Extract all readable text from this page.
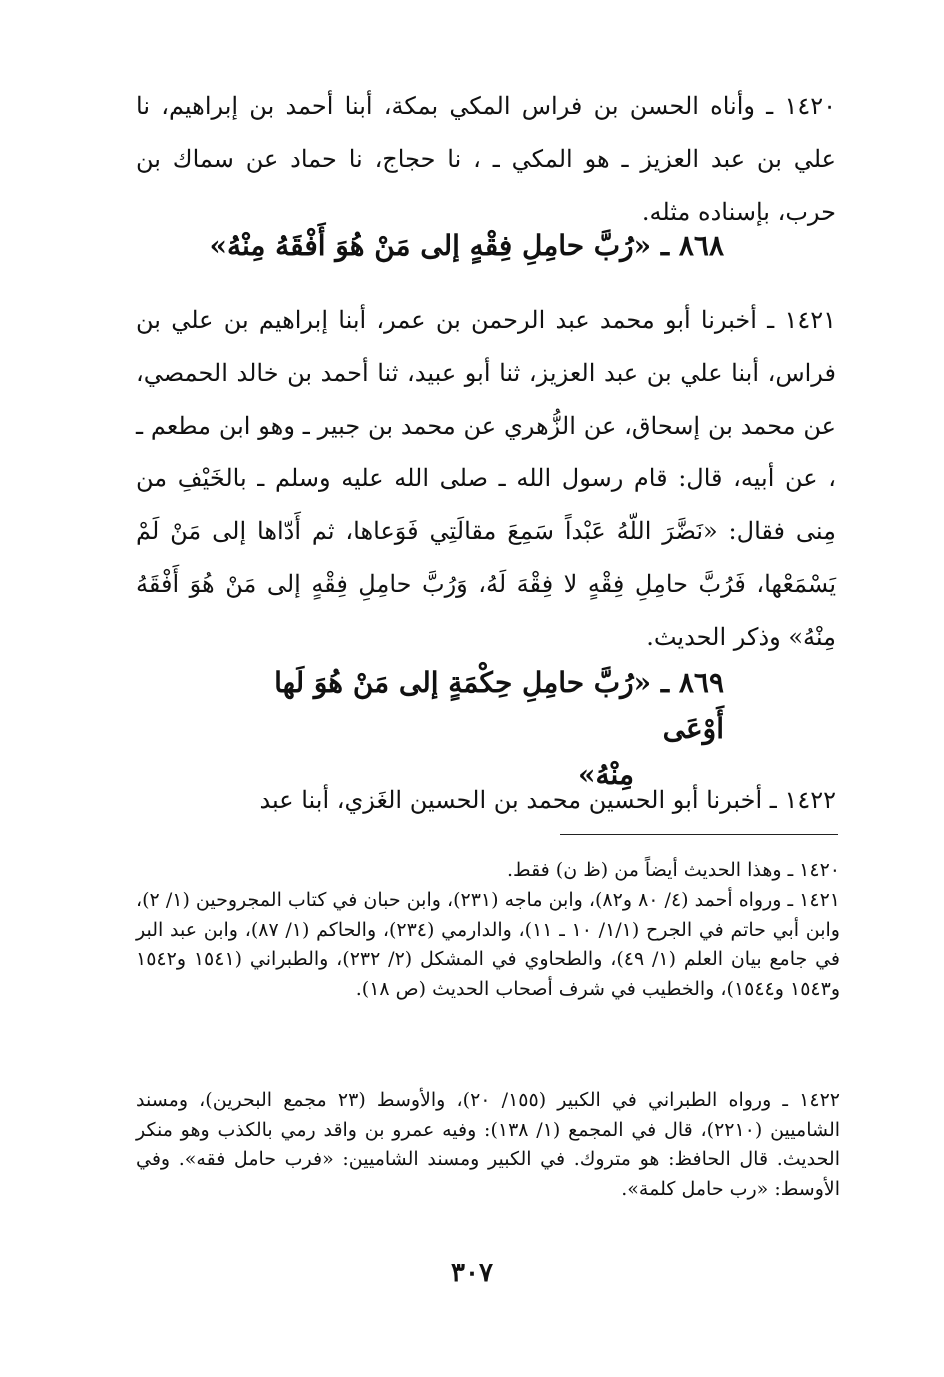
١٤٢٠ ـ وأناه الحسن بن فراس المكي بمكة، أبنا أحمد بن إبراهيم، نا علي بن عبد العزيز ـ هو المكي ـ ، نا حجاج، نا حماد عن سماك بن حرب، بإسناده مثله.

٨٦٨ ـ «رُبَّ حامِلِ فِقْهٍ إلى مَنْ هُوَ أَفْقَهُ مِنْهُ»

١٤٢١ ـ أخبرنا أبو محمد عبد الرحمن بن عمر، أبنا إبراهيم بن علي بن فراس، أبنا علي بن عبد العزيز، ثنا أبو عبيد، ثنا أحمد بن خالد الحمصي، عن محمد بن إسحاق، عن الزُّهري عن محمد بن جبير ـ وهو ابن مطعم ـ ، عن أبيه، قال: قام رسول الله ـ صلى الله عليه وسلم ـ بالخَيْفِ من مِنى فقال: «نَضَّرَ اللّهُ عَبْداً سَمِعَ مقالَتِي فَوَعاها، ثم أَدّاها إلى مَنْ لَمْ يَسْمَعْها، فَرُبَّ حامِلِ فِقْهٍ لا فِقْهَ لَهُ، وَرُبَّ حامِلِ فِقْهٍ إلى مَنْ هُوَ أَفْقَهُ مِنْهُ» وذكر الحديث.

٨٦٩ ـ «رُبَّ حامِلِ حِكْمَةٍ إلى مَنْ هُوَ لَها أَوْعَى
مِنْهُ»

١٤٢٢ ـ أخبرنا أبو الحسين محمد بن الحسين الغَزي، أبنا عبد

١٤٢٠ ـ وهذا الحديث أيضاً من (ظ ن) فقط.

١٤٢١ ـ ورواه أحمد (٤/ ٨٠ و٨٢)، وابن ماجه (٢٣١)، وابن حبان في كتاب المجروحين (١/ ٢)، وابن أبي حاتم في الجرح (١/١/ ١٠ ـ ١١)، والدارمي (٢٣٤)، والحاكم (١/ ٨٧)، وابن عبد البر في جامع بيان العلم (١/ ٤٩)، والطحاوي في المشكل (٢/ ٢٣٢)، والطبراني (١٥٤١ و١٥٤٢ و١٥٤٣ و١٥٤٤)، والخطيب في شرف أصحاب الحديث (ص ١٨).

١٤٢٢ ـ ورواه الطبراني في الكبير (١٥٥/ ٢٠)، والأوسط (٢٣ مجمع البحرين)، ومسند الشاميين (٢٢١٠)، قال في المجمع (١/ ١٣٨): وفيه عمرو بن واقد رمي بالكذب وهو منكر الحديث. قال الحافظ: هو متروك. في الكبير ومسند الشاميين: «فرب حامل فقه». وفي الأوسط: «رب حامل كلمة».

٣٠٧
